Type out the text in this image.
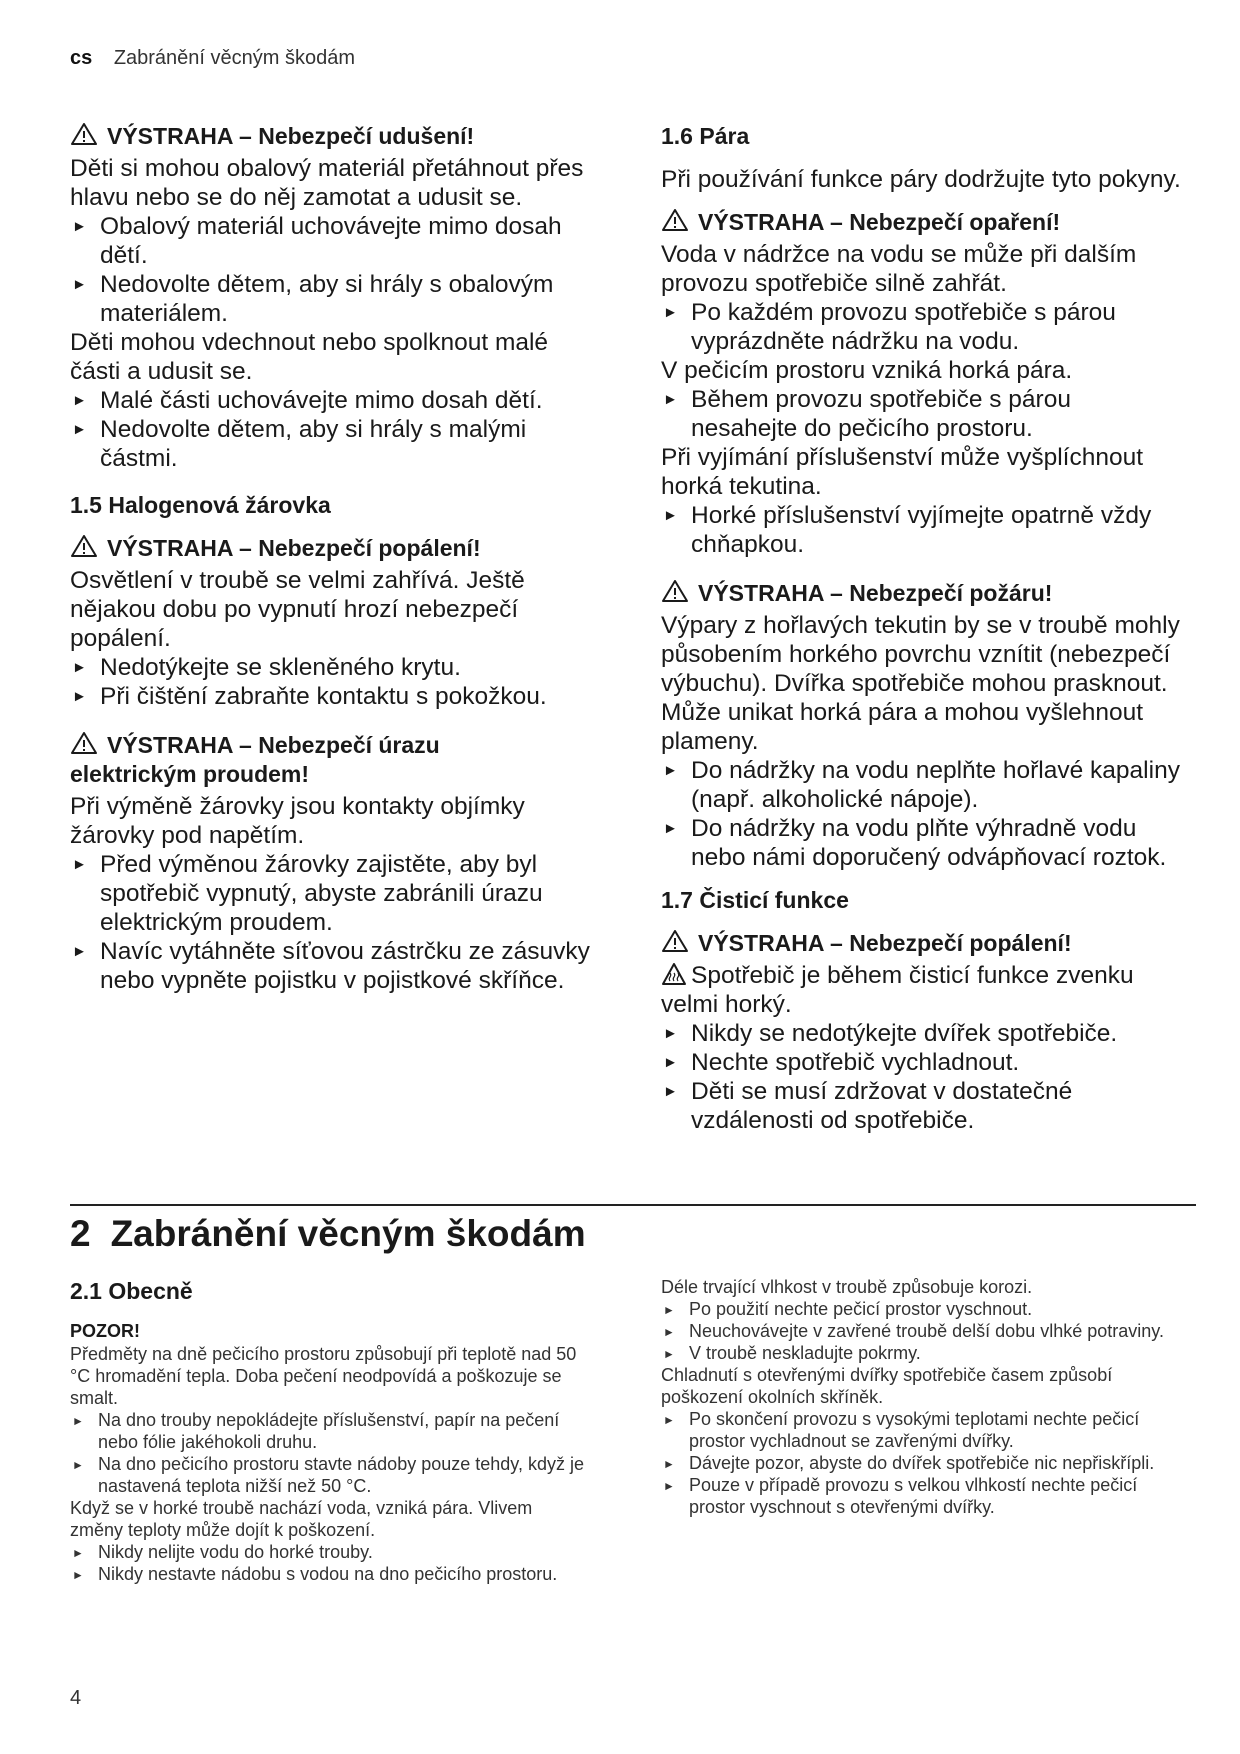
cs Zabránění věcným škodám

VÝSTRAHA – Nebezpečí udušení!

Děti si mohou obalový materiál přetáhnout přes hlavu nebo se do něj zamotat a udusit se.

► Obalový materiál uchovávejte mimo dosah dětí.

► Nedovolte dětem, aby si hrály s obalovým materiálem.

Děti mohou vdechnout nebo spolknout malé části a udusit se.

► Malé části uchovávejte mimo dosah dětí.

► Nedovolte dětem, aby si hrály s malými částmi.

1.5 Halogenová žárovka

VÝSTRAHA – Nebezpečí popálení!

Osvětlení v troubě se velmi zahřívá. Ještě nějakou dobu po vypnutí hrozí nebezpečí popálení.

► Nedotýkejte se skleněného krytu.

► Při čištění zabraňte kontaktu s pokožkou.

VÝSTRAHA – Nebezpečí úrazu

elektrickým proudem!

Při výměně žárovky jsou kontakty objímky žárovky pod napětím.

► Před výměnou žárovky zajistěte, aby byl spotřebič vypnutý, abyste zabránili úrazu elektrickým proudem.

► Navíc vytáhněte síťovou zástrčku ze zásuvky nebo vypněte pojistku v pojistkové skříňce.

1.6 Pára

Při používání funkce páry dodržujte tyto pokyny.

VÝSTRAHA – Nebezpečí opaření!

Voda v nádržce na vodu se může při dalším provozu spotřebiče silně zahřát.

► Po každém provozu spotřebiče s párou vyprázdněte nádržku na vodu.

V pečicím prostoru vzniká horká pára.

► Během provozu spotřebiče s párou nesahejte do pečicího prostoru.

Při vyjímání příslušenství může vyšplíchnout horká tekutina.

► Horké příslušenství vyjímejte opatrně vždy chňapkou.

VÝSTRAHA – Nebezpečí požáru!

Výpary z hořlavých tekutin by se v troubě mohly působením horkého povrchu vznítit (nebezpečí výbuchu). Dvířka spotřebiče mohou prasknout. Může unikat horká pára a mohou vyšlehnout plameny.

► Do nádržky na vodu neplňte hořlavé kapaliny (např. alkoholické nápoje).

► Do nádržky na vodu plňte výhradně vodu nebo námi doporučený odvápňovací roztok.

1.7 Čisticí funkce

VÝSTRAHA – Nebezpečí popálení!

Spotřebič je během čisticí funkce zvenku velmi horký.

► Nikdy se nedotýkejte dvířek spotřebiče.

► Nechte spotřebič vychladnout.

► Děti se musí zdržovat v dostatečné vzdálenosti od spotřebiče.

2 Zabránění věcným škodám

2.1 Obecně

POZOR!

Předměty na dně pečicího prostoru způsobují při teplotě nad 50 °C hromadění tepla. Doba pečení neodpovídá a poškozuje se smalt.

► Na dno trouby nepokládejte příslušenství, papír na pečení nebo fólie jakéhokoli druhu.

► Na dno pečicího prostoru stavte nádoby pouze tehdy, když je nastavená teplota nižší než 50 °C.

Když se v horké troubě nachází voda, vzniká pára. Vlivem změny teploty může dojít k poškození.

► Nikdy nelijte vodu do horké trouby.

► Nikdy nestavte nádobu s vodou na dno pečicího prostoru.

Déle trvající vlhkost v troubě způsobuje korozi.

► Po použití nechte pečicí prostor vyschnout.

► Neuchovávejte v zavřené troubě delší dobu vlhké potraviny.

► V troubě neskladujte pokrmy.

Chladnutí s otevřenými dvířky spotřebiče časem způsobí poškození okolních skříněk.

► Po skončení provozu s vysokými teplotami nechte pečicí prostor vychladnout se zavřenými dvířky.

► Dávejte pozor, abyste do dvířek spotřebiče nic nepřiskřípli.

► Pouze v případě provozu s velkou vlhkostí nechte pečicí prostor vyschnout s otevřenými dvířky.

4
